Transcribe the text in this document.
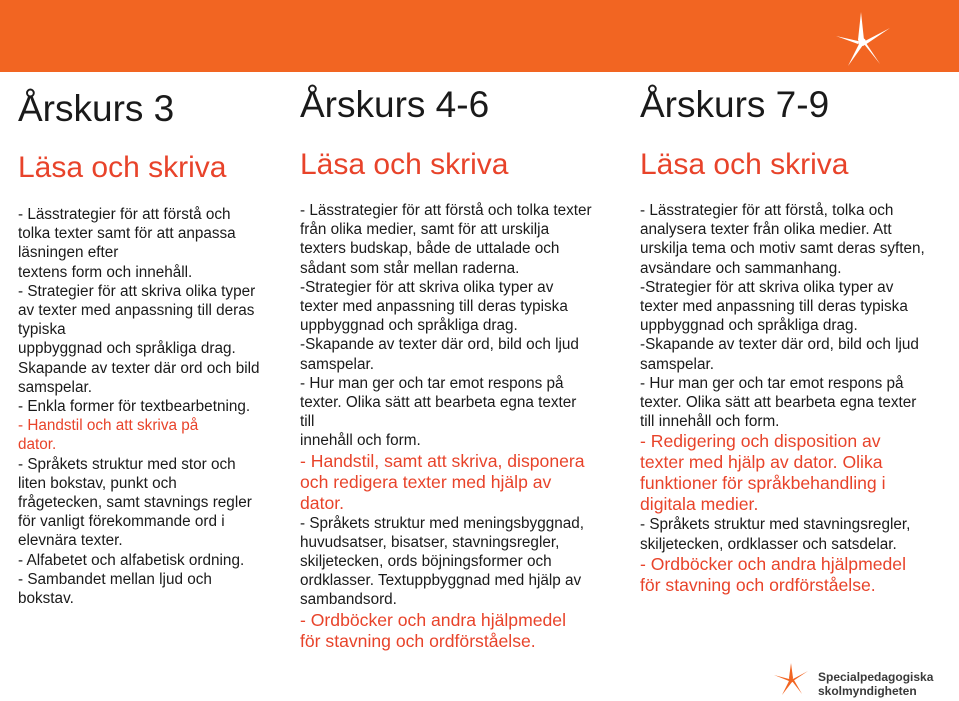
Årskurs 3
Läsa och skriva
- Lässtrategier för att förstå och
tolka texter samt för att anpassa
läsningen efter
textens form och innehåll.
- Strategier för att skriva olika typer
av texter med anpassning till deras
typiska
uppbyggnad och språkliga drag.
Skapande av texter där ord och bild
samspelar.
- Enkla former för textbearbetning.
- Handstil och att skriva på
dator.
- Språkets struktur med stor och
liten bokstav, punkt och
frågetecken, samt stavnings regler
för vanligt förekommande ord i
elevnära texter.
- Alfabetet och alfabetisk ordning.
- Sambandet mellan ljud och
bokstav.
Årskurs 4-6
Läsa och skriva
- Lässtrategier för att förstå och tolka texter
från olika medier, samt för att urskilja
texters budskap, både de uttalade och
sådant som står mellan raderna.
-Strategier för att skriva olika typer av
texter med anpassning till deras typiska
uppbyggnad och språkliga drag.
-Skapande av texter där ord, bild och ljud
samspelar.
- Hur man ger och tar emot respons på
texter. Olika sätt att bearbeta egna texter
till
innehåll och form.
- Handstil, samt att skriva, disponera
och redigera texter med hjälp av
dator.
- Språkets struktur med meningsbyggnad,
huvudsatser, bisatser, stavningsregler,
skiljetecken, ords böjningsformer och
ordklasser. Textuppbyggnad med hjälp av
sambandsord.
- Ordböcker och andra hjälpmedel
för stavning och ordförståelse.
Årskurs 7-9
Läsa och skriva
- Lässtrategier för att förstå, tolka och
analysera texter från olika medier. Att
urskilja tema och motiv samt deras syften,
avsändare och sammanhang.
-Strategier för att skriva olika typer av
texter med anpassning till deras typiska
uppbyggnad och språkliga drag.
-Skapande av texter där ord, bild och ljud
samspelar.
- Hur man ger och tar emot respons på
texter. Olika sätt att bearbeta egna texter
till innehåll och form.
- Redigering och disposition av
texter med hjälp av dator. Olika
funktioner för språkbehandling i
digitala medier.
- Språkets struktur med stavningsregler,
skiljetecken, ordklasser och satsdelar.
- Ordböcker och andra hjälpmedel
för stavning och ordförståelse.
Specialpedagogiska
skolmyndigheten
